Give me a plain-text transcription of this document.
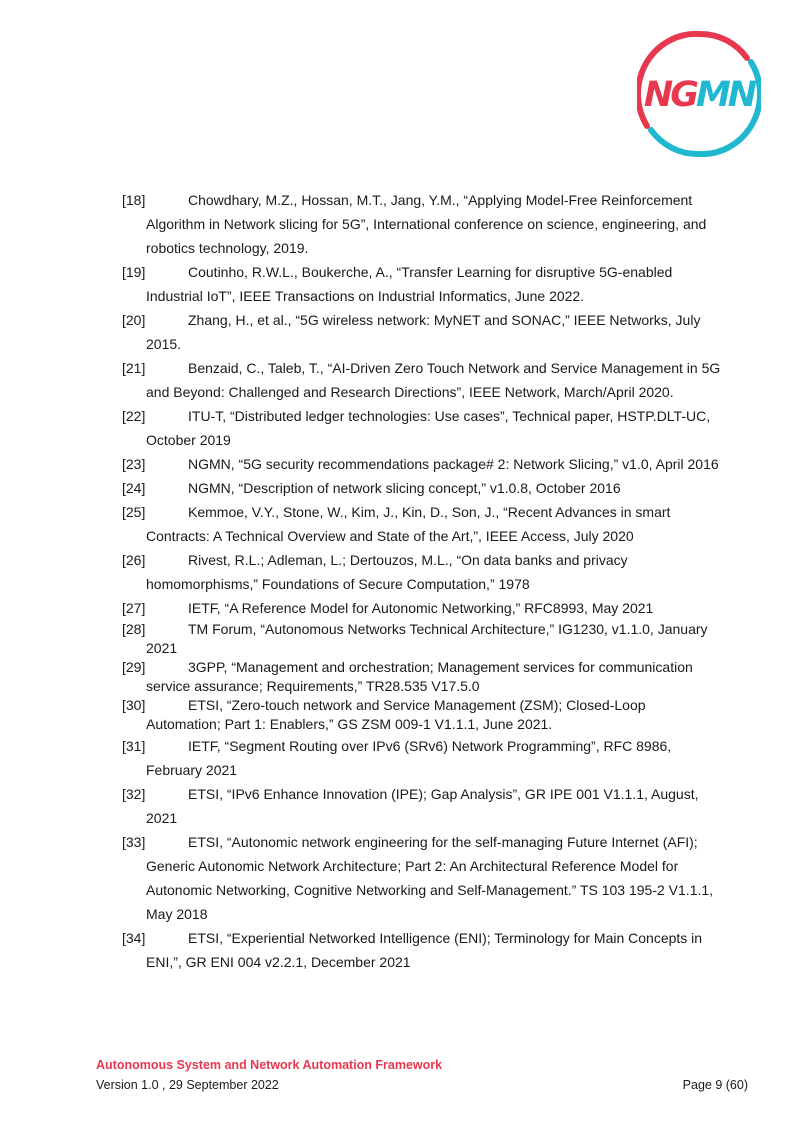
NGMN
[18]	Chowdhary, M.Z., Hossan, M.T., Jang, Y.M., “Applying Model-Free Reinforcement Algorithm in Network slicing for 5G”, International conference on science, engineering, and robotics technology, 2019.
[19]	Coutinho, R.W.L., Boukerche, A., “Transfer Learning for disruptive 5G-enabled Industrial IoT”, IEEE Transactions on Industrial Informatics, June 2022.
[20]	Zhang, H., et al., “5G wireless network: MyNET and SONAC,” IEEE Networks, July 2015.
[21]	Benzaid, C., Taleb, T., “AI-Driven Zero Touch Network and Service Management in 5G and Beyond: Challenged and Research Directions”, IEEE Network, March/April 2020.
[22]	ITU-T, “Distributed ledger technologies: Use cases”, Technical paper, HSTP.DLT-UC, October 2019
[23]	NGMN, “5G security recommendations package# 2: Network Slicing,” v1.0, April 2016
[24]	NGMN, “Description of network slicing concept,” v1.0.8, October 2016
[25]	Kemmoe, V.Y., Stone, W., Kim, J., Kin, D., Son, J., “Recent Advances in smart Contracts: A Technical Overview and State of the Art,”, IEEE Access, July 2020
[26]	Rivest, R.L.; Adleman, L.; Dertouzos, M.L., “On data banks and privacy homomorphisms,” Foundations of Secure Computation,” 1978
[27]	IETF, “A Reference Model for Autonomic Networking,” RFC8993, May 2021
[28]	TM Forum, “Autonomous Networks Technical Architecture,” IG1230, v1.1.0, January 2021
[29]	3GPP, “Management and orchestration; Management services for communication service assurance; Requirements,” TR28.535 V17.5.0
[30]	ETSI, “Zero-touch network and Service Management (ZSM); Closed-Loop Automation; Part 1: Enablers,” GS ZSM 009-1 V1.1.1, June 2021.
[31]	IETF, “Segment Routing over IPv6 (SRv6) Network Programming”, RFC 8986, February 2021
[32]	ETSI, “IPv6 Enhance Innovation (IPE); Gap Analysis”, GR IPE 001 V1.1.1, August, 2021
[33]	ETSI, “Autonomic network engineering for the self-managing Future Internet (AFI); Generic Autonomic Network Architecture; Part 2: An Architectural Reference Model for Autonomic Networking, Cognitive Networking and Self-Management.” TS 103 195-2 V1.1.1, May 2018
[34]	ETSI, “Experiential Networked Intelligence (ENI); Terminology for Main Concepts in ENI,”, GR ENI 004 v2.2.1, December 2021
Autonomous System and Network Automation Framework
Version 1.0 , 29 September 2022	Page 9 (60)
